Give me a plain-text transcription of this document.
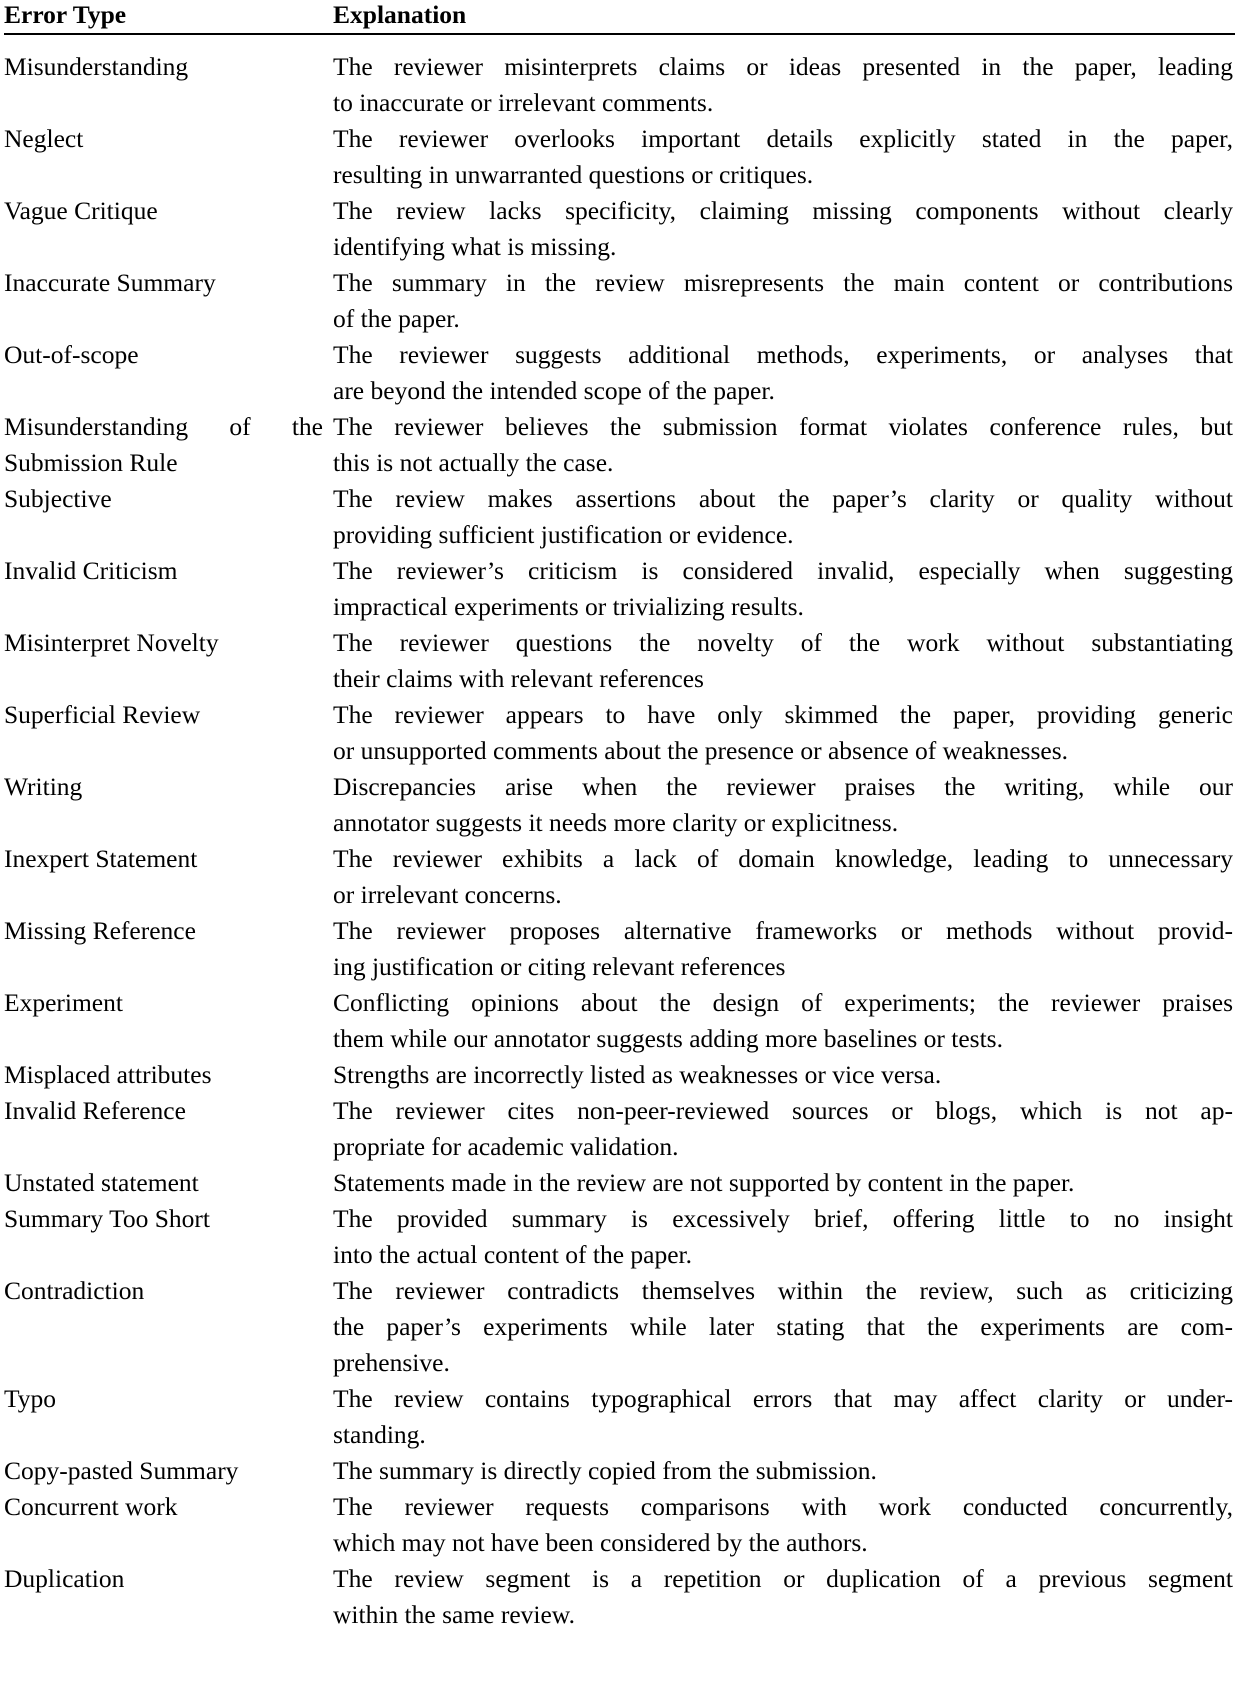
Error Type	Explanation

Misunderstanding	The reviewer misinterprets claims or ideas presented in the paper, leading
to inaccurate or irrelevant comments.

Neglect	The reviewer overlooks important details explicitly stated in the paper,
resulting in unwarranted questions or critiques.

Vague Critique	The review lacks specificity, claiming missing components without clearly
identifying what is missing.

Inaccurate Summary	The summary in the review misrepresents the main content or contributions
of the paper.

Out-of-scope	The reviewer suggests additional methods, experiments, or analyses that
are beyond the intended scope of the paper.

Misunderstanding of the
Submission Rule	The reviewer believes the submission format violates conference rules, but
this is not actually the case.

Subjective	The review makes assertions about the paper’s clarity or quality without
providing sufficient justification or evidence.

Invalid Criticism	The reviewer’s criticism is considered invalid, especially when suggesting
impractical experiments or trivializing results.

Misinterpret Novelty	The reviewer questions the novelty of the work without substantiating
their claims with relevant references

Superficial Review	The reviewer appears to have only skimmed the paper, providing generic
or unsupported comments about the presence or absence of weaknesses.

Writing	Discrepancies arise when the reviewer praises the writing, while our
annotator suggests it needs more clarity or explicitness.

Inexpert Statement	The reviewer exhibits a lack of domain knowledge, leading to unnecessary
or irrelevant concerns.

Missing Reference	The reviewer proposes alternative frameworks or methods without provid-
ing justification or citing relevant references

Experiment	Conflicting opinions about the design of experiments; the reviewer praises
them while our annotator suggests adding more baselines or tests.

Misplaced attributes	Strengths are incorrectly listed as weaknesses or vice versa.

Invalid Reference	The reviewer cites non-peer-reviewed sources or blogs, which is not ap-
propriate for academic validation.

Unstated statement	Statements made in the review are not supported by content in the paper.

Summary Too Short	The provided summary is excessively brief, offering little to no insight
into the actual content of the paper.

Contradiction	The reviewer contradicts themselves within the review, such as criticizing
the paper’s experiments while later stating that the experiments are com-
prehensive.

Typo	The review contains typographical errors that may affect clarity or under-
standing.

Copy-pasted Summary	The summary is directly copied from the submission.

Concurrent work	The reviewer requests comparisons with work conducted concurrently,
which may not have been considered by the authors.

Duplication	The review segment is a repetition or duplication of a previous segment
within the same review.
